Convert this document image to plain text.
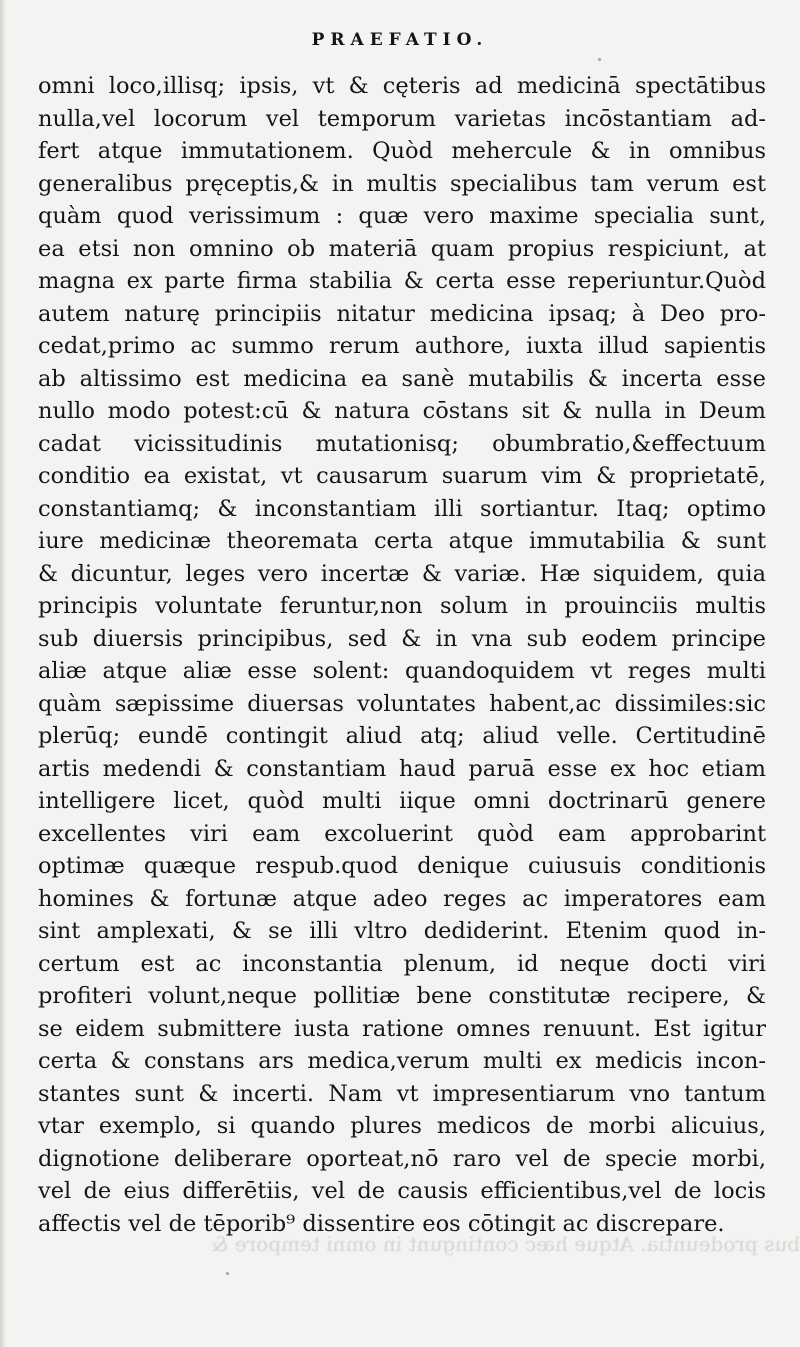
PRAEFATIO.
omni loco,illisq; ipsis, vt & cęteris ad medicinā spectātibus
nulla,vel locorum vel temporum varietas incōstantiam ad-
fert atque immutationem. Quòd mehercule & in omnibus
generalibus pręceptis,& in multis specialibus tam verum est
quàm quod verissimum : quæ vero maxime specialia sunt,
ea etsi non omnino ob materiā quam propius respiciunt, at
magna ex parte firma stabilia & certa esse reperiuntur.Quòd
autem naturę principiis nitatur medicina ipsaq; à Deo pro-
cedat,primo ac summo rerum authore, iuxta illud sapientis
ab altissimo est medicina ea sanè mutabilis & incerta esse
nullo modo potest:cū & natura cōstans sit & nulla in Deum
cadat vicissitudinis mutationisq; obumbratio,&effectuum
conditio ea existat, vt causarum suarum vim & proprietatē,
constantiamq; & inconstantiam illi sortiantur. Itaq; optimo
iure medicinæ theoremata certa atque immutabilia & sunt
& dicuntur, leges vero incertæ & variæ. Hæ siquidem, quia
principis voluntate feruntur,non solum in prouinciis multis
sub diuersis principibus, sed & in vna sub eodem principe
aliæ atque aliæ esse solent: quandoquidem vt reges multi
quàm sæpissime diuersas voluntates habent,ac dissimiles:sic
plerūq; eundē contingit aliud atq; aliud velle. Certitudinē
artis medendi & constantiam haud paruā esse ex hoc etiam
intelligere licet, quòd multi iique omni doctrinarū genere
excellentes viri eam excoluerint quòd eam approbarint
optimæ quæque respub.quod denique cuiusuis conditionis
homines & fortunæ atque adeo reges ac imperatores eam
sint amplexati, & se illi vltro dediderint. Etenim quod in-
certum est ac inconstantia plenum, id neque docti viri
profiteri volunt,neque pollitiæ bene constitutæ recipere, &
se eidem submittere iusta ratione omnes renuunt. Est igitur
certa & constans ars medica,verum multi ex medicis incon-
stantes sunt & incerti. Nam vt impresentiarum vno tantum
vtar exemplo, si quando plures medicos de morbi alicuius,
dignotione deliberare oporteat,nō raro vel de specie morbi,
vel de eius differētiis, vel de causis efficientibus,vel de locis
affectis vel de tēporib⁹ dissentire eos cōtingit ac discrepare.
bus prodeuntia. Atque hæc contingunt in omni tempore &
